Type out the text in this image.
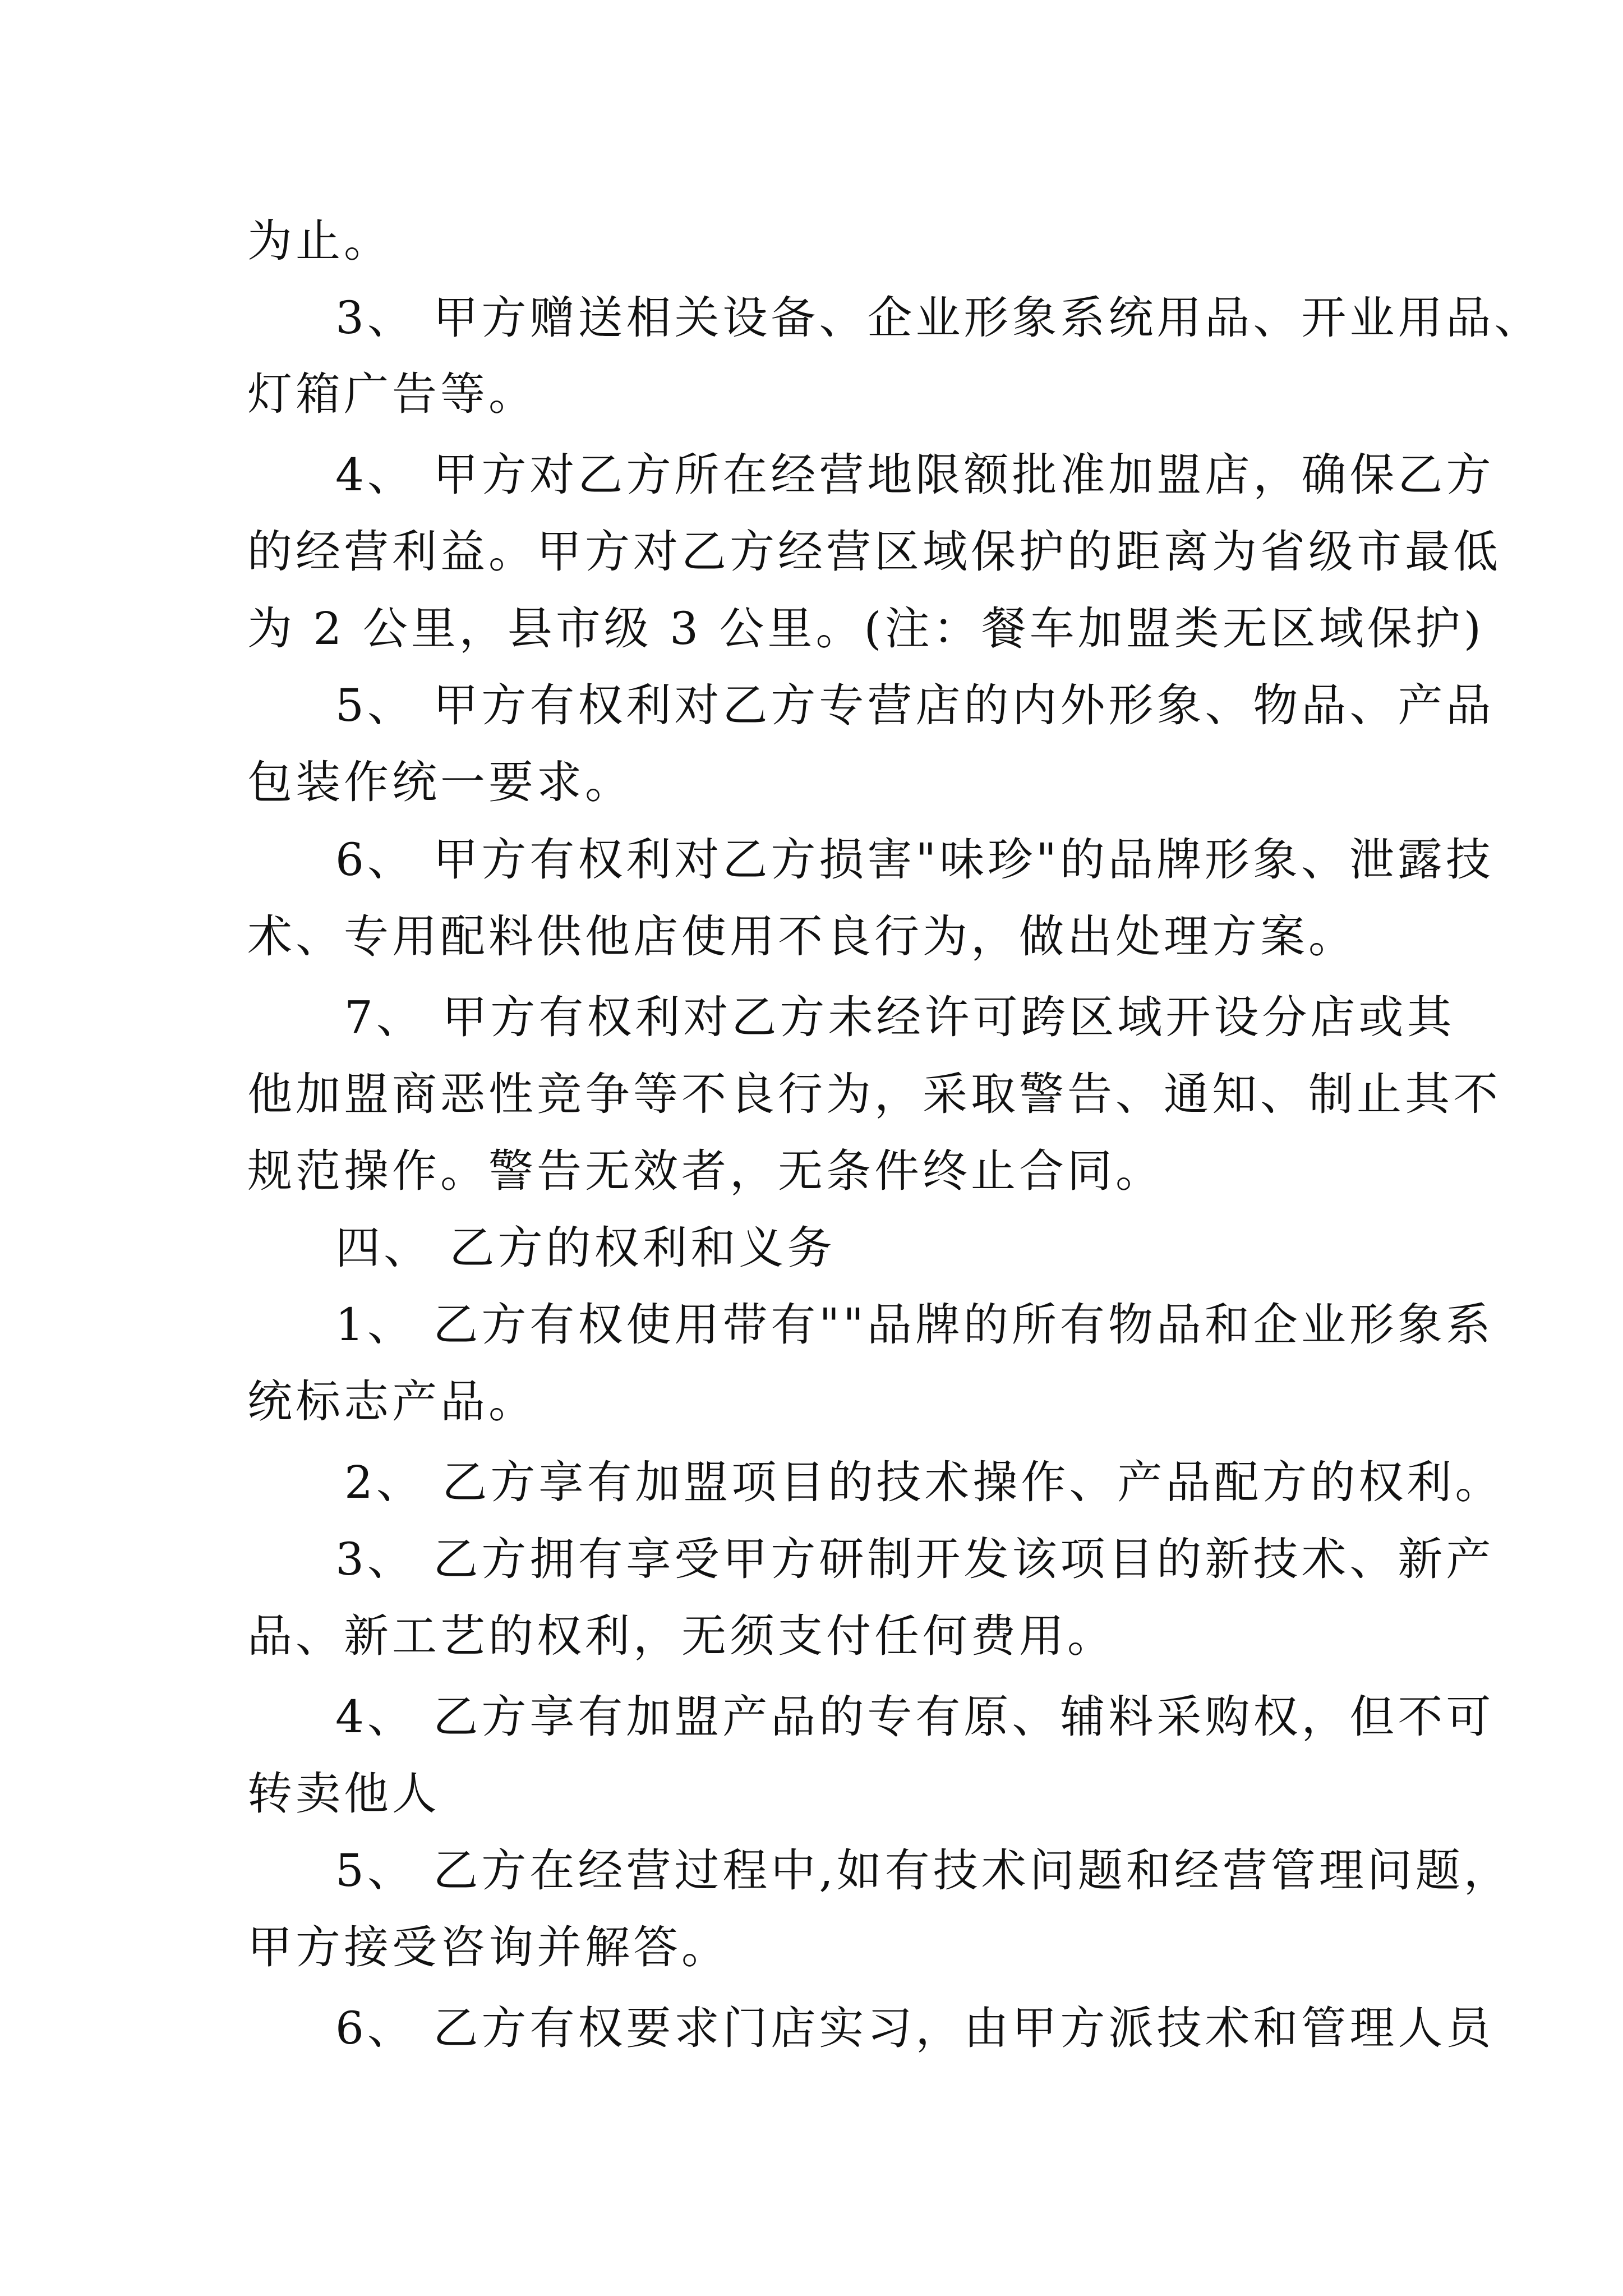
为止。
3、 甲方赠送相关设备、企业形象系统用品、开业用品、
灯箱广告等。
4、 甲方对乙方所在经营地限额批准加盟店，确保乙方
的经营利益。甲方对乙方经营区域保护的距离为省级市最低
为 2 公里，县市级 3 公里。(注：餐车加盟类无区域保护)
5、 甲方有权利对乙方专营店的内外形象、物品、产品
包装作统一要求。
6、 甲方有权利对乙方损害"味珍"的品牌形象、泄露技
术、专用配料供他店使用不良行为，做出处理方案。
7、 甲方有权利对乙方未经许可跨区域开设分店或其
他加盟商恶性竞争等不良行为，采取警告、通知、制止其不
规范操作。警告无效者，无条件终止合同。
四、 乙方的权利和义务
1、 乙方有权使用带有""品牌的所有物品和企业形象系
统标志产品。
2、 乙方享有加盟项目的技术操作、产品配方的权利。
3、 乙方拥有享受甲方研制开发该项目的新技术、新产
品、新工艺的权利，无须支付任何费用。
4、 乙方享有加盟产品的专有原、辅料采购权，但不可
转卖他人
5、 乙方在经营过程中,如有技术问题和经营管理问题，
甲方接受咨询并解答。
6、 乙方有权要求门店实习，由甲方派技术和管理人员
